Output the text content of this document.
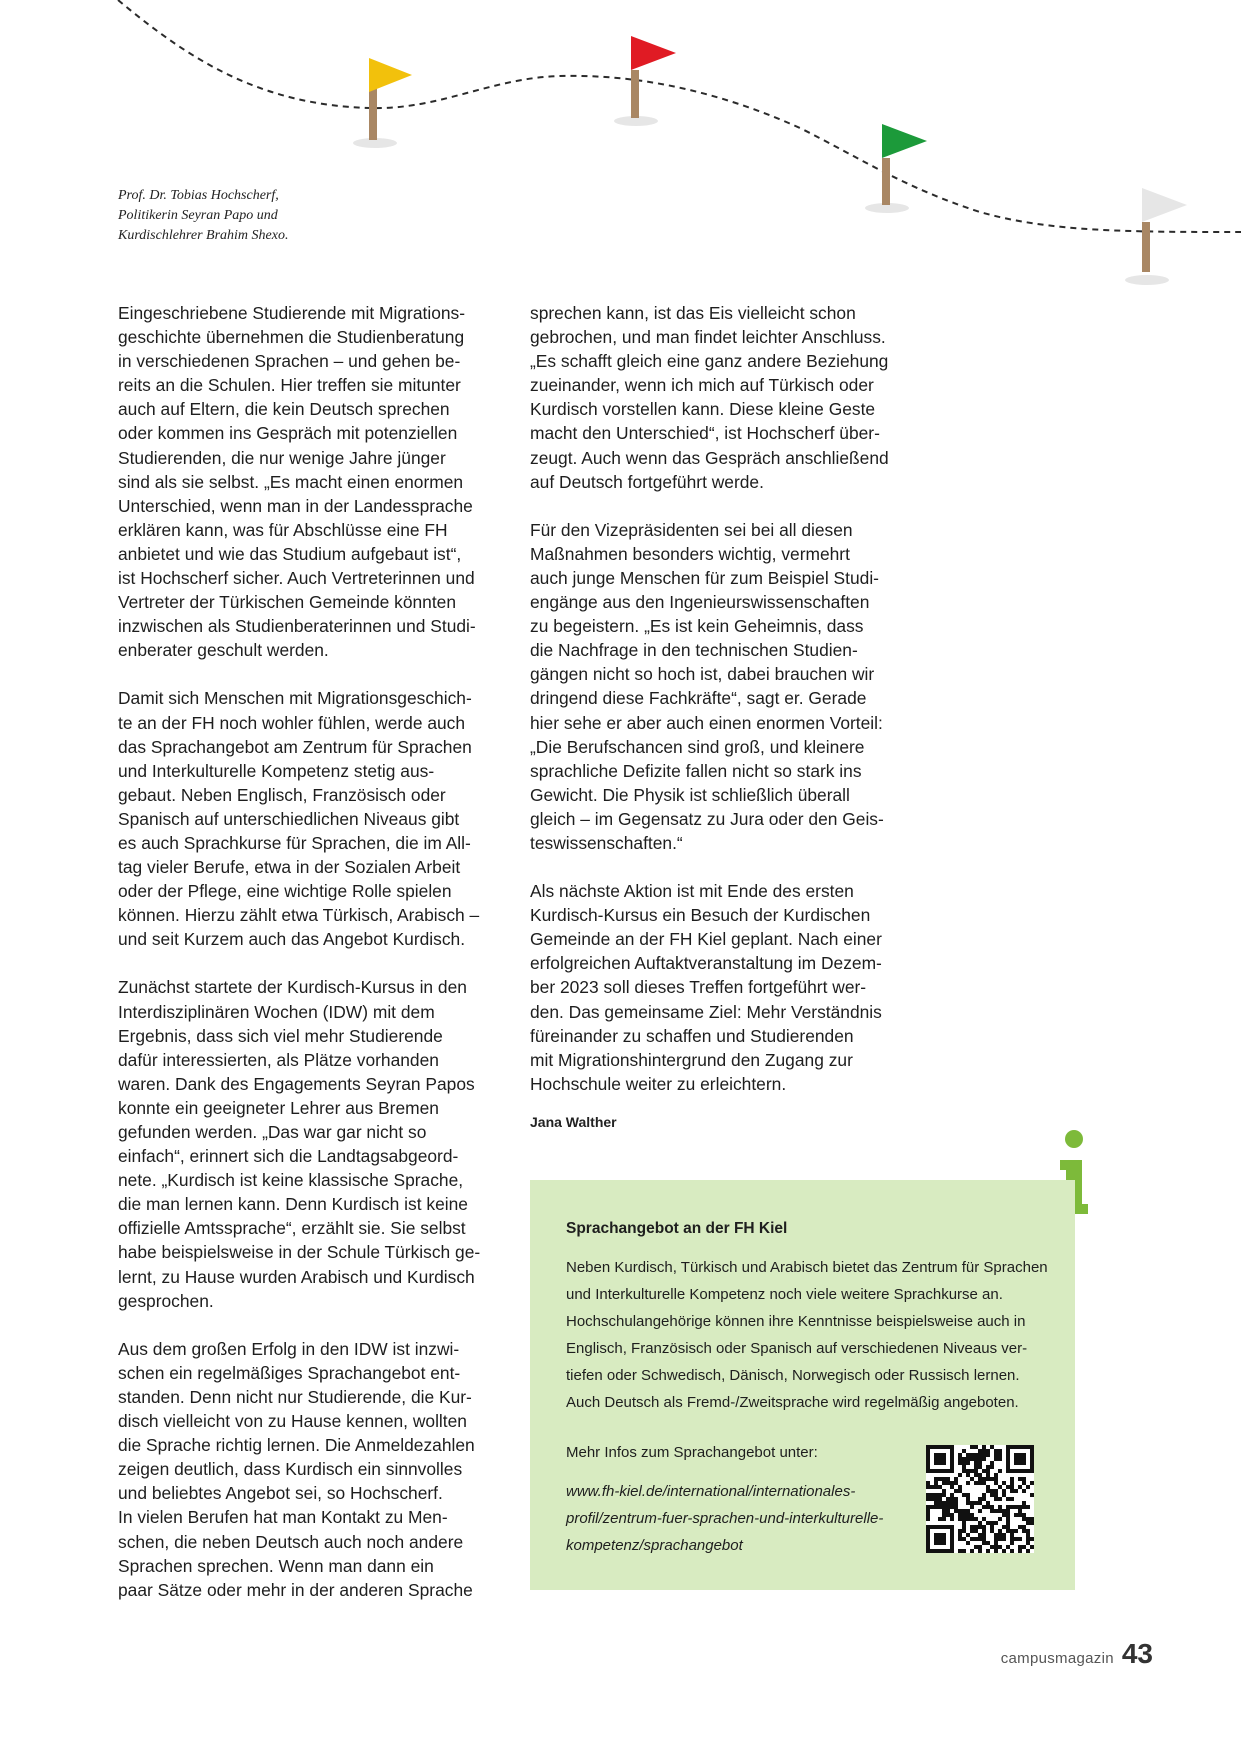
Prof. Dr. Tobias Hochscherf,
Politikerin Seyran Papo und
Kurdischlehrer Brahim Shexo.

Eingeschriebene Studierende mit Migrations-
geschichte übernehmen die Studienberatung
in verschiedenen Sprachen – und gehen be-
reits an die Schulen. Hier treffen sie mitunter
auch auf Eltern, die kein Deutsch sprechen
oder kommen ins Gespräch mit potenziellen
Studierenden, die nur wenige Jahre jünger
sind als sie selbst. „Es macht einen enormen
Unterschied, wenn man in der Landessprache
erklären kann, was für Abschlüsse eine FH
anbietet und wie das Studium aufgebaut ist“,
ist Hochscherf sicher. Auch Vertreterinnen und
Vertreter der Türkischen Gemeinde könnten
inzwischen als Studienberaterinnen und Studi-
enberater geschult werden.

Damit sich Menschen mit Migrationsgeschich-
te an der FH noch wohler fühlen, werde auch
das Sprachangebot am Zentrum für Sprachen
und Interkulturelle Kompetenz stetig aus-
gebaut. Neben Englisch, Französisch oder
Spanisch auf unterschiedlichen Niveaus gibt
es auch Sprachkurse für Sprachen, die im All-
tag vieler Berufe, etwa in der Sozialen Arbeit
oder der Pflege, eine wichtige Rolle spielen
können. Hierzu zählt etwa Türkisch, Arabisch –
und seit Kurzem auch das Angebot Kurdisch.

Zunächst startete der Kurdisch-Kursus in den
Interdisziplinären Wochen (IDW) mit dem
Ergebnis, dass sich viel mehr Studierende
dafür interessierten, als Plätze vorhanden
waren. Dank des Engagements Seyran Papos
konnte ein geeigneter Lehrer aus Bremen
gefunden werden. „Das war gar nicht so
einfach“, erinnert sich die Landtagsabgeord-
nete. „Kurdisch ist keine klassische Sprache,
die man lernen kann. Denn Kurdisch ist keine
offizielle Amtssprache“, erzählt sie. Sie selbst
habe beispielsweise in der Schule Türkisch ge-
lernt, zu Hause wurden Arabisch und Kurdisch
gesprochen.

Aus dem großen Erfolg in den IDW ist inzwi-
schen ein regelmäßiges Sprachangebot ent-
standen. Denn nicht nur Studierende, die Kur-
disch vielleicht von zu Hause kennen, wollten
die Sprache richtig lernen. Die Anmeldezahlen
zeigen deutlich, dass Kurdisch ein sinnvolles
und beliebtes Angebot sei, so Hochscherf.
In vielen Berufen hat man Kontakt zu Men-
schen, die neben Deutsch auch noch andere
Sprachen sprechen. Wenn man dann ein
paar Sätze oder mehr in der anderen Sprache

sprechen kann, ist das Eis vielleicht schon
gebrochen, und man findet leichter Anschluss.
„Es schafft gleich eine ganz andere Beziehung
zueinander, wenn ich mich auf Türkisch oder
Kurdisch vorstellen kann. Diese kleine Geste
macht den Unterschied“, ist Hochscherf über-
zeugt. Auch wenn das Gespräch anschließend
auf Deutsch fortgeführt werde.

Für den Vizepräsidenten sei bei all diesen
Maßnahmen besonders wichtig, vermehrt
auch junge Menschen für zum Beispiel Studi-
engänge aus den Ingenieurswissenschaften
zu begeistern. „Es ist kein Geheimnis, dass
die Nachfrage in den technischen Studien-
gängen nicht so hoch ist, dabei brauchen wir
dringend diese Fachkräfte“, sagt er. Gerade
hier sehe er aber auch einen enormen Vorteil:
„Die Berufschancen sind groß, und kleinere
sprachliche Defizite fallen nicht so stark ins
Gewicht. Die Physik ist schließlich überall
gleich – im Gegensatz zu Jura oder den Geis-
teswissenschaften.“

Als nächste Aktion ist mit Ende des ersten
Kurdisch-Kursus ein Besuch der Kurdischen
Gemeinde an der FH Kiel geplant. Nach einer
erfolgreichen Auftaktveranstaltung im Dezem-
ber 2023 soll dieses Treffen fortgeführt wer-
den. Das gemeinsame Ziel: Mehr Verständnis
füreinander zu schaffen und Studierenden
mit Migrationshintergrund den Zugang zur
Hochschule weiter zu erleichtern.

Jana Walther
Sprachangebot an der FH Kiel
Neben Kurdisch, Türkisch und Arabisch bietet das Zentrum für Sprachen
und Interkulturelle Kompetenz noch viele weitere Sprachkurse an.
Hochschulangehörige können ihre Kenntnisse beispielsweise auch in
Englisch, Französisch oder Spanisch auf verschiedenen Niveaus ver-
tiefen oder Schwedisch, Dänisch, Norwegisch oder Russisch lernen.
Auch Deutsch als Fremd-/Zweitsprache wird regelmäßig angeboten.
Mehr Infos zum Sprachangebot unter:
www.fh-kiel.de/international/internationales-
profil/zentrum-fuer-sprachen-und-interkulturelle-
kompetenz/sprachangebot
campusmagazin 43
